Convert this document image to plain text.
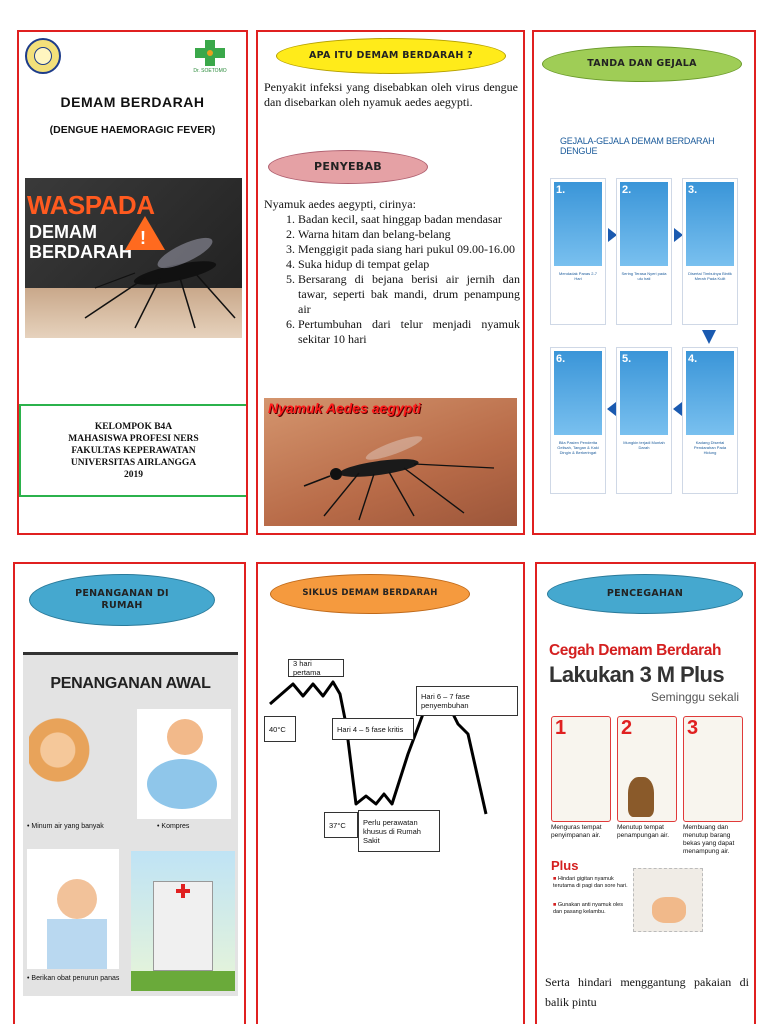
Dr. SOETOMO
DEMAM BERDARAH
(DENGUE HAEMORAGIC FEVER)
WASPADA
DEMAM
BERDARAH
!
KELOMPOK B4A
MAHASISWA PROFESI NERS
FAKULTAS KEPERAWATAN
UNIVERSITAS AIRLANGGA
2019
APA ITU DEMAM BERDARAH ?
Penyakit infeksi yang disebabkan oleh virus dengue dan disebarkan oleh nyamuk aedes aegypti.
PENYEBAB
Nyamuk aedes aegypti, cirinya:
1. Badan kecil, saat hinggap badan mendasar
2. Warna hitam dan belang-belang
3. Menggigit pada siang hari pukul 09.00-16.00
4. Suka hidup di tempat gelap
5. Bersarang di bejana berisi air jernih dan tawar, seperti bak mandi, drum penampung air
6. Pertumbuhan dari telur menjadi nyamuk sekitar 10 hari
Nyamuk Aedes aegypti
TANDA DAN GEJALA
GEJALA-GEJALA DEMAM BERDARAH DENGUE
1.
Mendadak Panas 2-7 Hari
2.
Sering Terasa Nyeri pada ulu hati
3.
Disertai Timbulnya Bintik Merah Pada Kulit
6.
Bila Pasien Penderita Gelisah, Tangan & Kaki Dingin & Berkeringat
5.
Mungkin terjadi Muntah Darah
4.
Kadang Disertai Pendarahan Pada Hidung
PENANGANAN DI
RUMAH
PENANGANAN AWAL
• Minum air yang banyak	• Kompres
• Berikan obat penurun panas
SIKLUS DEMAM BERDARAH
3 hari pertama
40°C	Hari 4 – 5 fase kritis
Hari 6 – 7 fase penyembuhan
37°C	Perlu perawatan khusus di Rumah Sakit
PENCEGAHAN
Cegah Demam Berdarah
Lakukan 3 M Plus
Seminggu sekali
1	2	3
Menguras tempat penyimpanan air.
Menutup tempat penampungan air.
Membuang dan menutup barang bekas yang dapat menampung air.
Plus
■ Hindari gigitan nyamuk terutama di pagi dan sore hari.
■ Gunakan anti nyamuk oles dan pasang kelambu.
Serta hindari menggantung pakaian di balik pintu
